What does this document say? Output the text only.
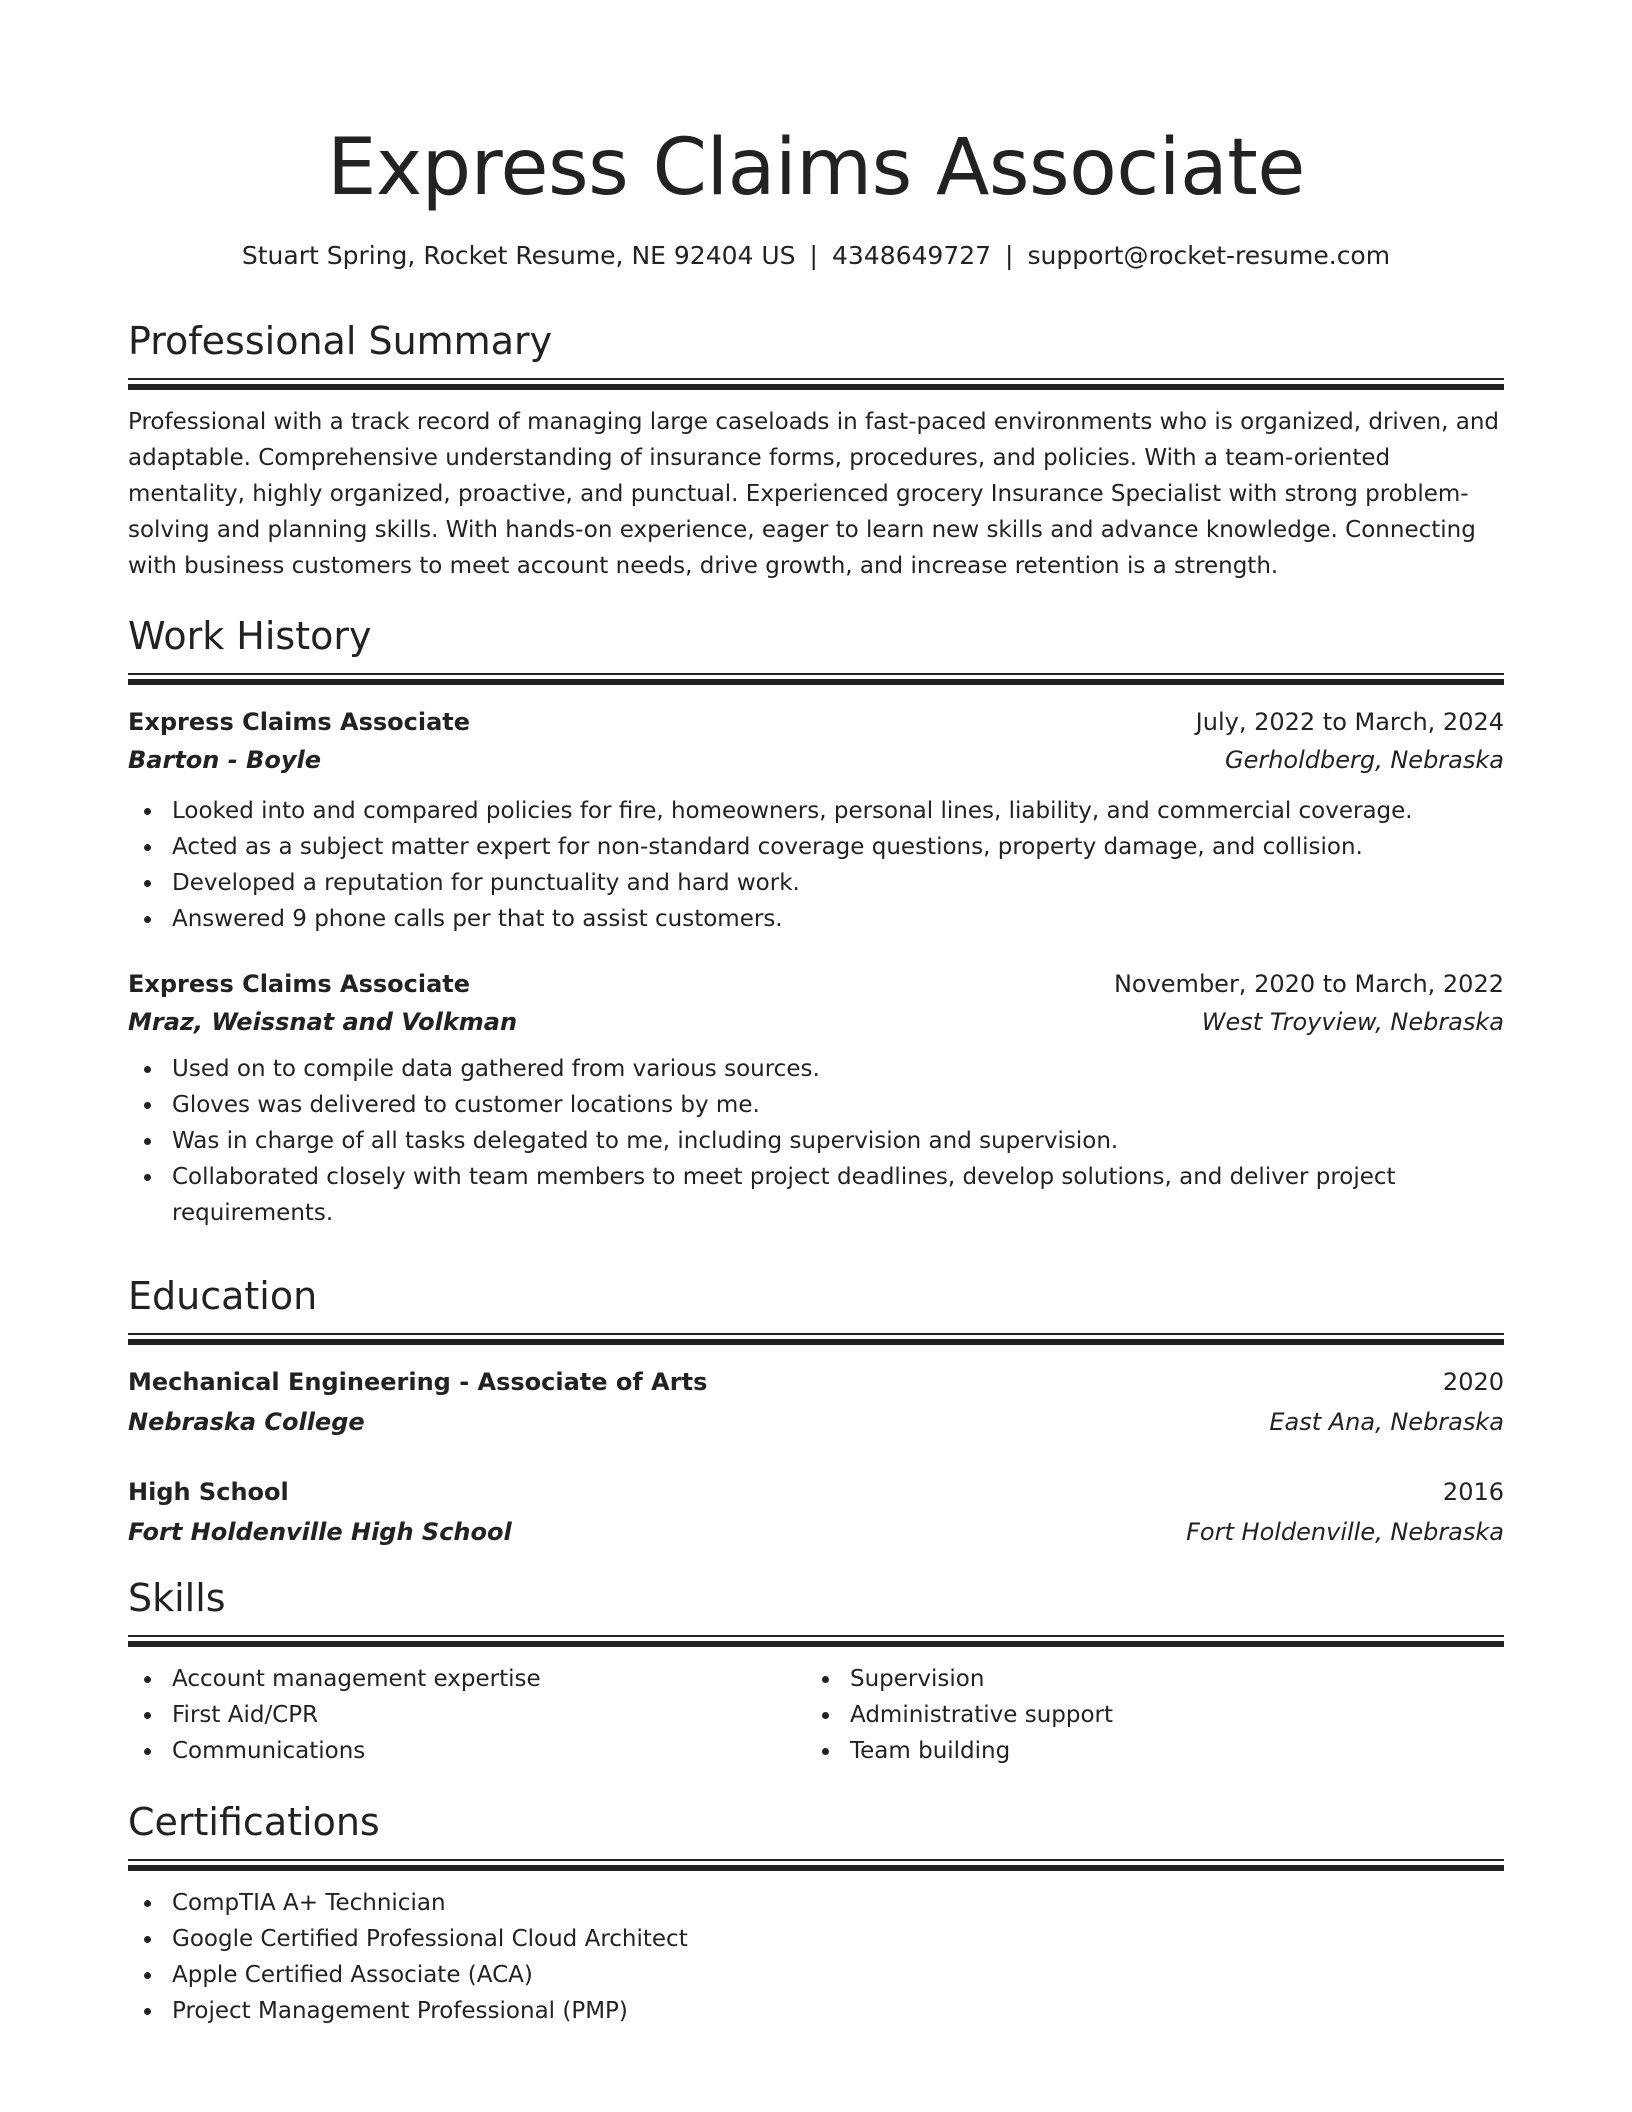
Express Claims Associate
Stuart Spring, Rocket Resume, NE 92404 US | 4348649727 | support@rocket-resume.com
Professional Summary

Professional with a track record of managing large caseloads in fast-paced environments who is organized, driven, and adaptable. Comprehensive understanding of insurance forms, procedures, and policies. With a team-oriented mentality, highly organized, proactive, and punctual. Experienced grocery Insurance Specialist with strong problem-solving and planning skills. With hands-on experience, eager to learn new skills and advance knowledge. Connecting with business customers to meet account needs, drive growth, and increase retention is a strength.

Work History
Express Claims Associate	July, 2022 to March, 2024
Barton - Boyle	Gerholdberg, Nebraska
Looked into and compared policies for fire, homeowners, personal lines, liability, and commercial coverage.
Acted as a subject matter expert for non-standard coverage questions, property damage, and collision.
Developed a reputation for punctuality and hard work.
Answered 9 phone calls per that to assist customers.
Express Claims Associate	November, 2020 to March, 2022
Mraz, Weissnat and Volkman	West Troyview, Nebraska
Used on to compile data gathered from various sources.
Gloves was delivered to customer locations by me.
Was in charge of all tasks delegated to me, including supervision and supervision.
Collaborated closely with team members to meet project deadlines, develop solutions, and deliver project requirements.
Education
Mechanical Engineering - Associate of Arts	2020
Nebraska College	East Ana, Nebraska
High School	2016
Fort Holdenville High School	Fort Holdenville, Nebraska
Skills
Account management expertise
First Aid/CPR
Communications
Supervision
Administrative support
Team building
Certifications
CompTIA A+ Technician
Google Certified Professional Cloud Architect
Apple Certified Associate (ACA)
Project Management Professional (PMP)
